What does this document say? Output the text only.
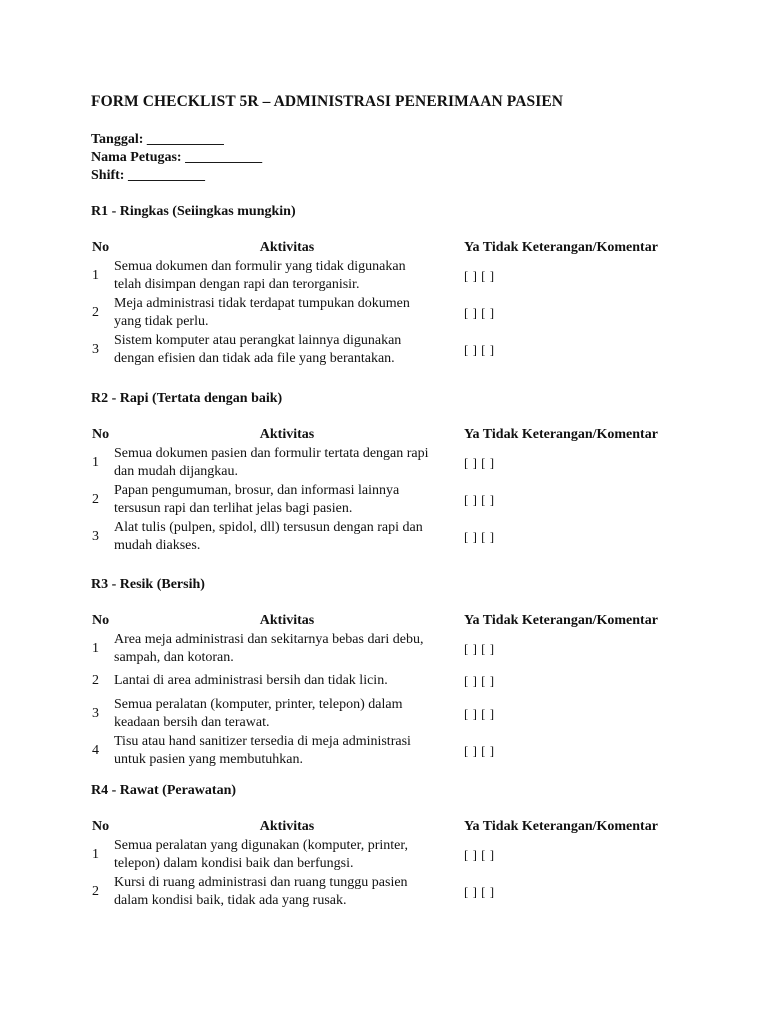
FORM CHECKLIST 5R – ADMINISTRASI PENERIMAAN PASIEN
Tanggal: ___________
Nama Petugas: ___________
Shift: ___________
R1 - Ringkas (Seiingkas mungkin)
No	Aktivitas	Ya Tidak Keterangan/Komentar
1	Semua dokumen dan formulir yang tidak digunakan
telah disimpan dengan rapi dan terorganisir.	[ ] [ ]
2	Meja administrasi tidak terdapat tumpukan dokumen
yang tidak perlu.	[ ] [ ]
3	Sistem komputer atau perangkat lainnya digunakan
dengan efisien dan tidak ada file yang berantakan.	[ ] [ ]
R2 - Rapi (Tertata dengan baik)
No	Aktivitas	Ya Tidak Keterangan/Komentar
1	Semua dokumen pasien dan formulir tertata dengan rapi
dan mudah dijangkau.	[ ] [ ]
2	Papan pengumuman, brosur, dan informasi lainnya
tersusun rapi dan terlihat jelas bagi pasien.	[ ] [ ]
3	Alat tulis (pulpen, spidol, dll) tersusun dengan rapi dan
mudah diakses.	[ ] [ ]
R3 - Resik (Bersih)
No	Aktivitas	Ya Tidak Keterangan/Komentar
1	Area meja administrasi dan sekitarnya bebas dari debu,
sampah, dan kotoran.	[ ] [ ]
2	Lantai di area administrasi bersih dan tidak licin.	[ ] [ ]
3	Semua peralatan (komputer, printer, telepon) dalam
keadaan bersih dan terawat.	[ ] [ ]
4	Tisu atau hand sanitizer tersedia di meja administrasi
untuk pasien yang membutuhkan.	[ ] [ ]
R4 - Rawat (Perawatan)
No	Aktivitas	Ya Tidak Keterangan/Komentar
1	Semua peralatan yang digunakan (komputer, printer,
telepon) dalam kondisi baik dan berfungsi.	[ ] [ ]
2	Kursi di ruang administrasi dan ruang tunggu pasien
dalam kondisi baik, tidak ada yang rusak.	[ ] [ ]
